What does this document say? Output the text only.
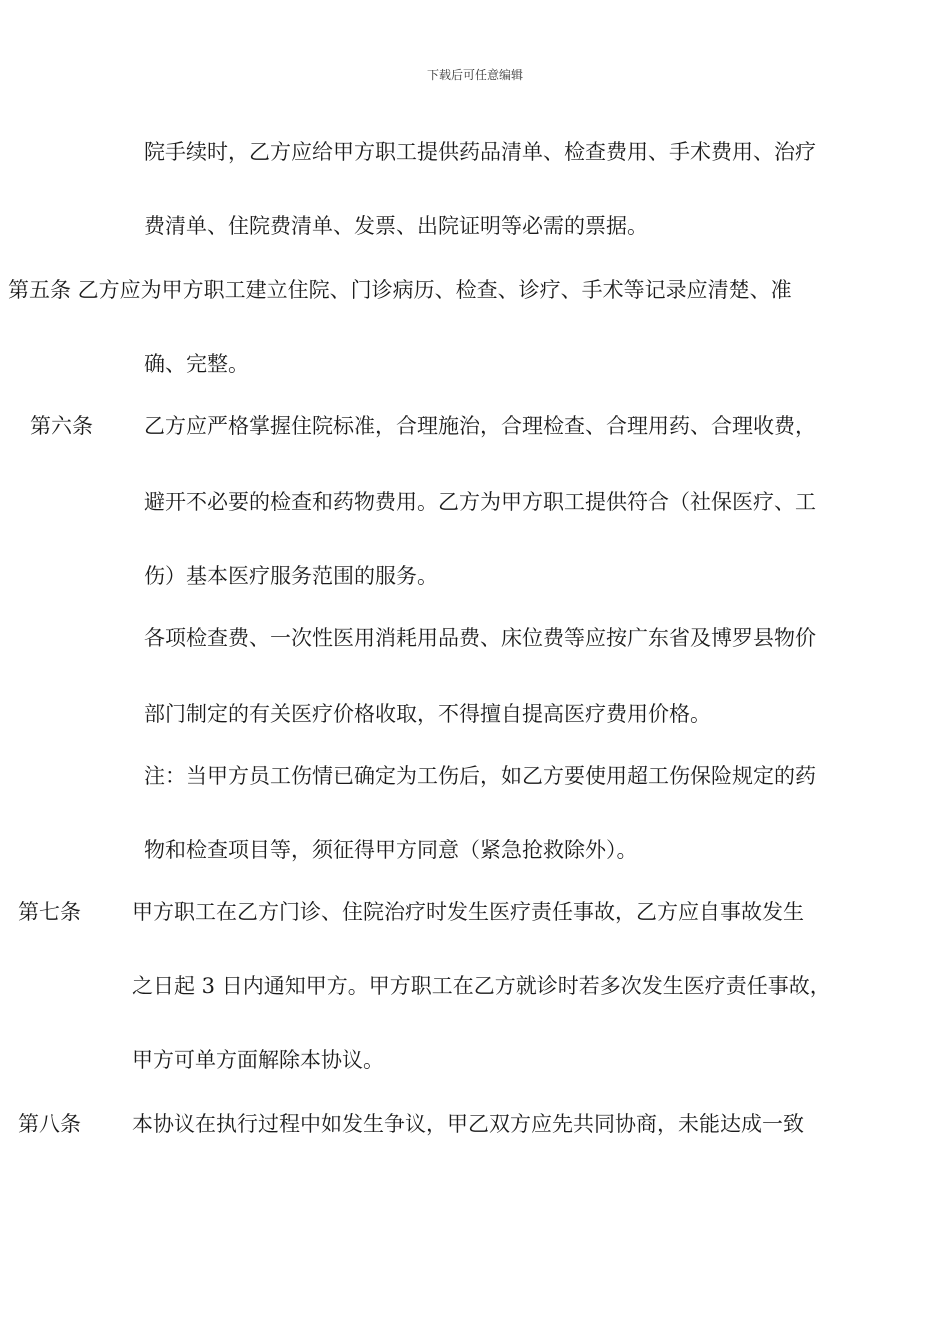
下载后可任意编辑
院手续时，乙方应给甲方职工提供药品清单、检查费用、手术费用、治疗
费清单、住院费清单、发票、出院证明等必需的票据。
第五条 乙方应为甲方职工建立住院、门诊病历、检查、诊疗、手术等记录应清楚、准
确、完整。
第六条 乙方应严格掌握住院标准，合理施治，合理检查、合理用药、合理收费，
避开不必要的检查和药物费用。乙方为甲方职工提供符合（社保医疗、工
伤）基本医疗服务范围的服务。
各项检查费、一次性医用消耗用品费、床位费等应按广东省及博罗县物价
部门制定的有关医疗价格收取，不得擅自提高医疗费用价格。
注：当甲方员工伤情已确定为工伤后，如乙方要使用超工伤保险规定的药
物和检查项目等，须征得甲方同意（紧急抢救除外）。
第七条 甲方职工在乙方门诊、住院治疗时发生医疗责任事故，乙方应自事故发生
之日起 3 日内通知甲方。甲方职工在乙方就诊时若多次发生医疗责任事故，
甲方可单方面解除本协议。
第八条 本协议在执行过程中如发生争议，甲乙双方应先共同协商，未能达成一致
